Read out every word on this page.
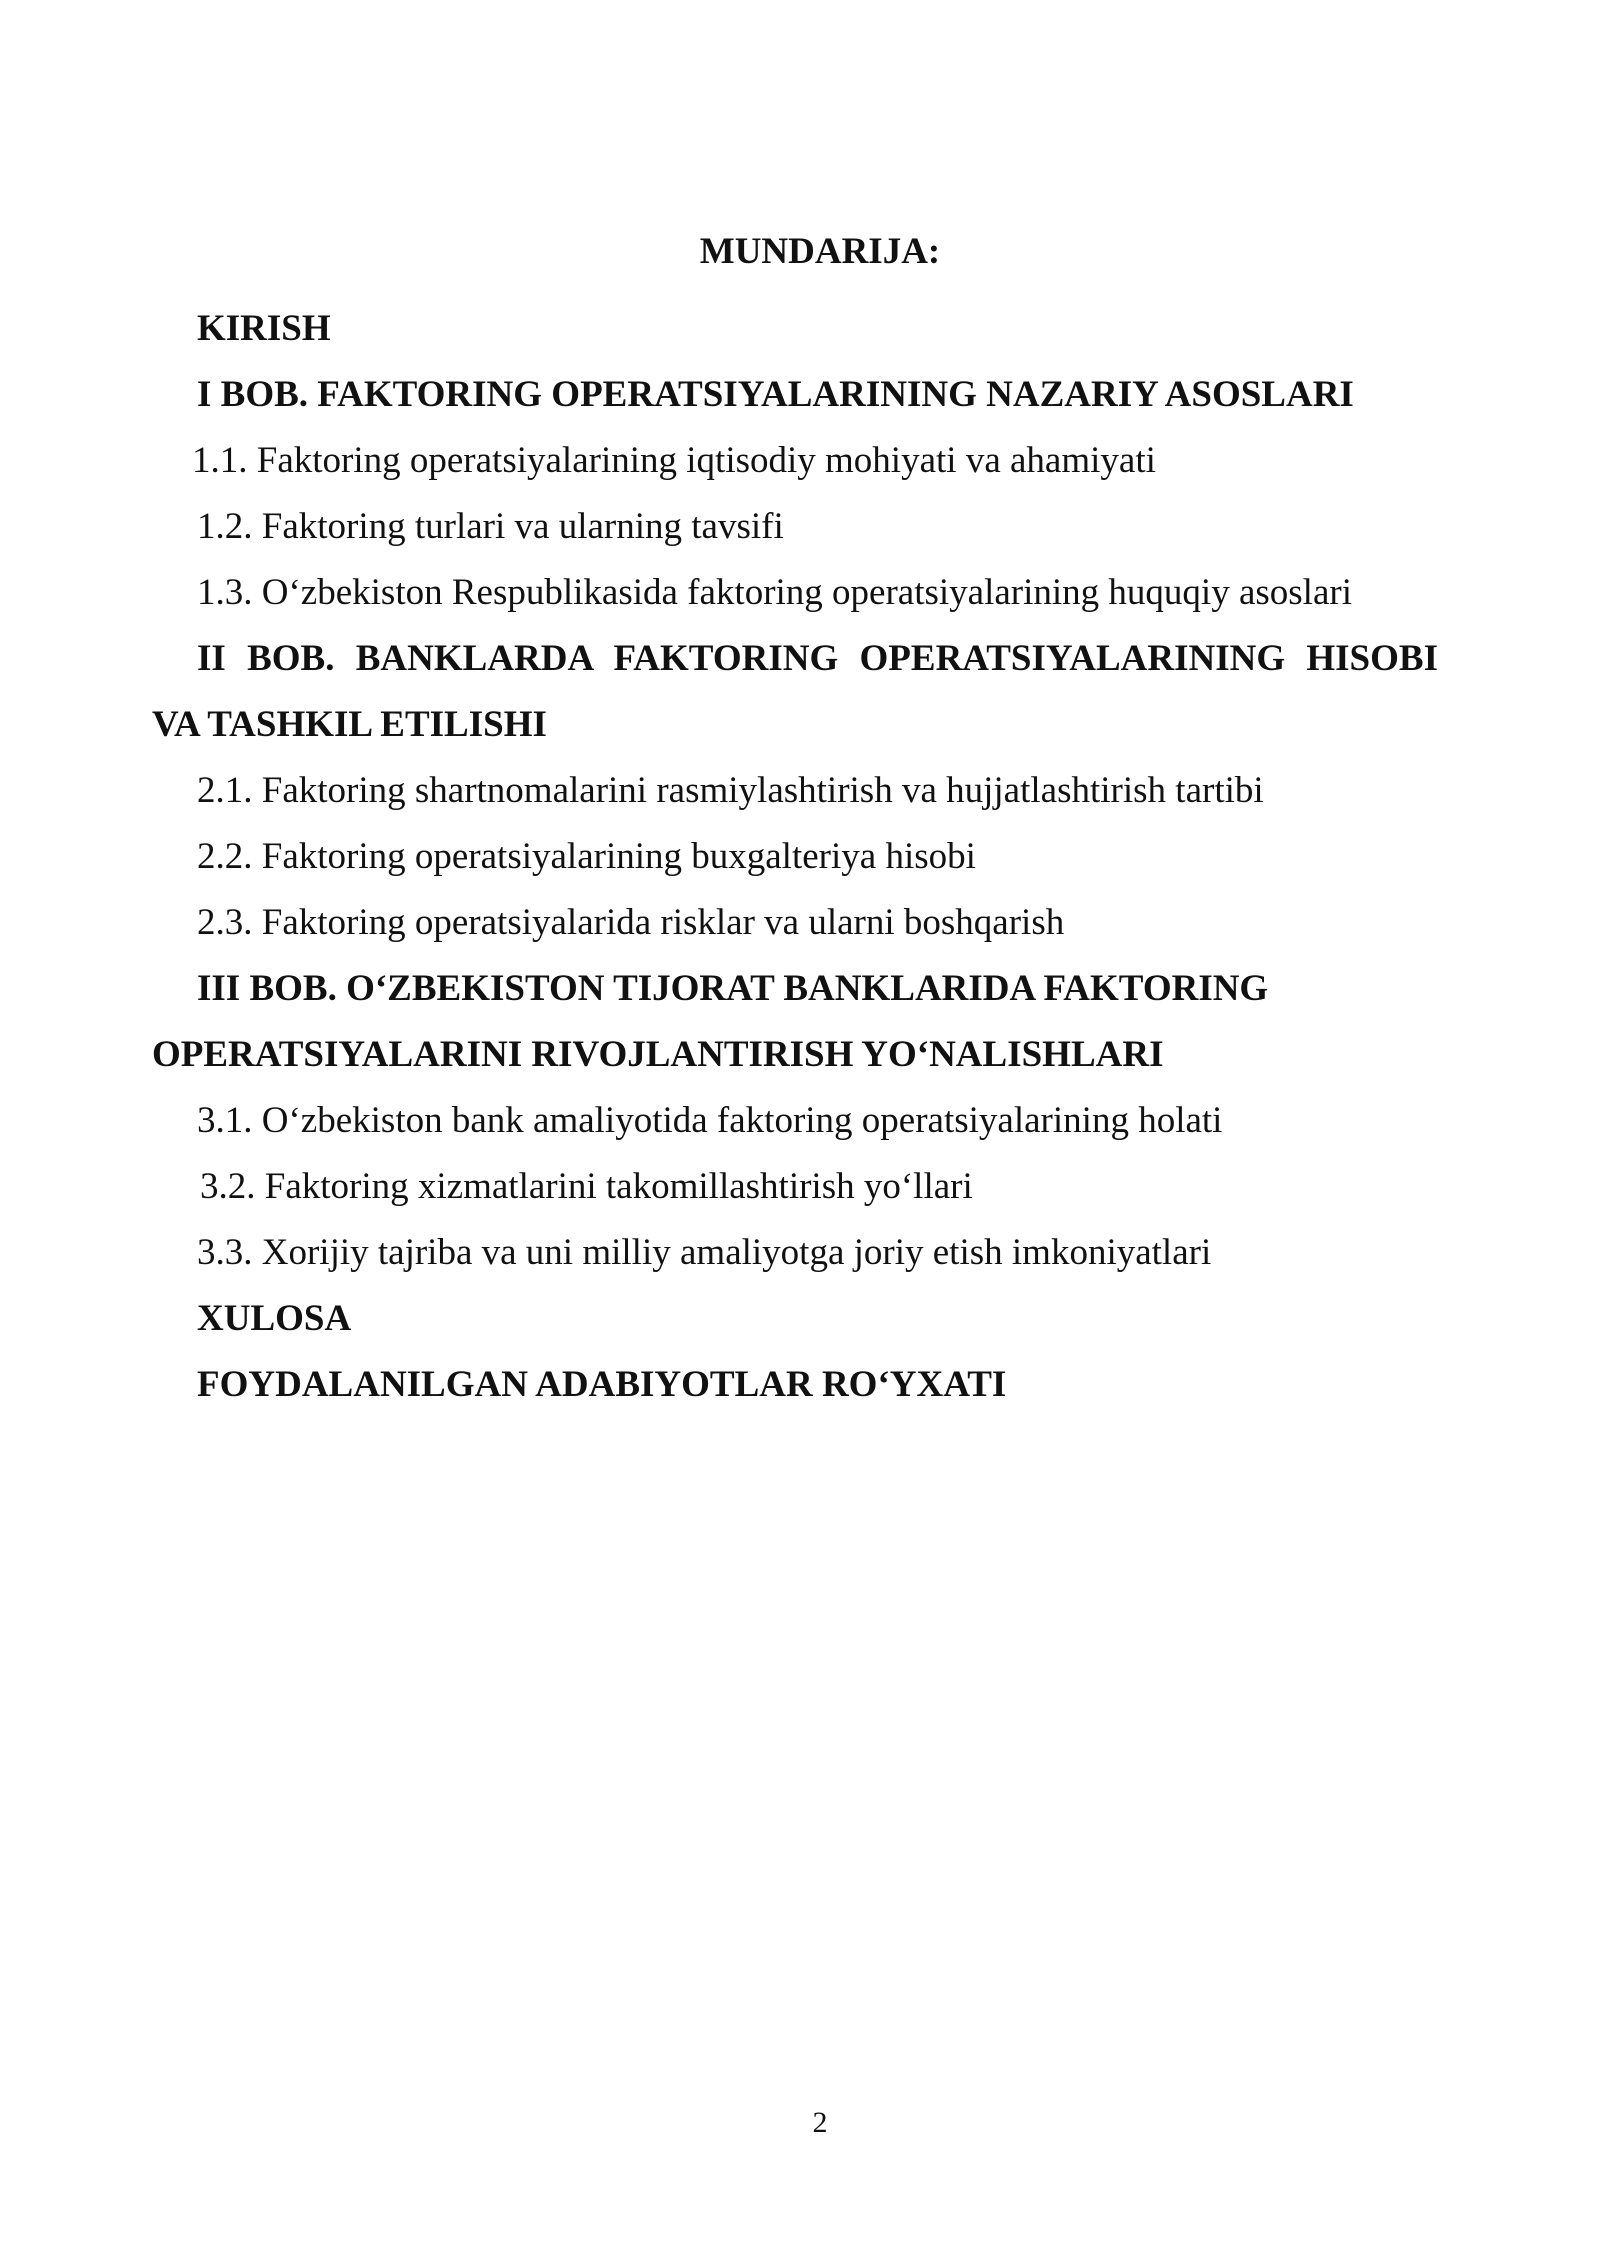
MUNDARIJA:
KIRISH
I BOB. FAKTORING OPERATSIYALARINING NAZARIY ASOSLARI
1.1. Faktoring operatsiyalarining iqtisodiy mohiyati va ahamiyati
1.2. Faktoring turlari va ularning tavsifi
1.3. O‘zbekiston Respublikasida faktoring operatsiyalarining huquqiy asoslari
II BOB. BANKLARDA FAKTORING OPERATSIYALARINING HISOBI
VA TASHKIL ETILISHI
2.1. Faktoring shartnomalarini rasmiylashtirish va hujjatlashtirish tartibi
2.2. Faktoring operatsiyalarining buxgalteriya hisobi
2.3. Faktoring operatsiyalarida risklar va ularni boshqarish
III BOB. O‘ZBEKISTON TIJORAT BANKLARIDA FAKTORING
OPERATSIYALARINI RIVOJLANTIRISH YO‘NALISHLARI
3.1. O‘zbekiston bank amaliyotida faktoring operatsiyalarining holati
3.2. Faktoring xizmatlarini takomillashtirish yo‘llari
3.3. Xorijiy tajriba va uni milliy amaliyotga joriy etish imkoniyatlari
XULOSA
FOYDALANILGAN ADABIYOTLAR RO‘YXATI
2
